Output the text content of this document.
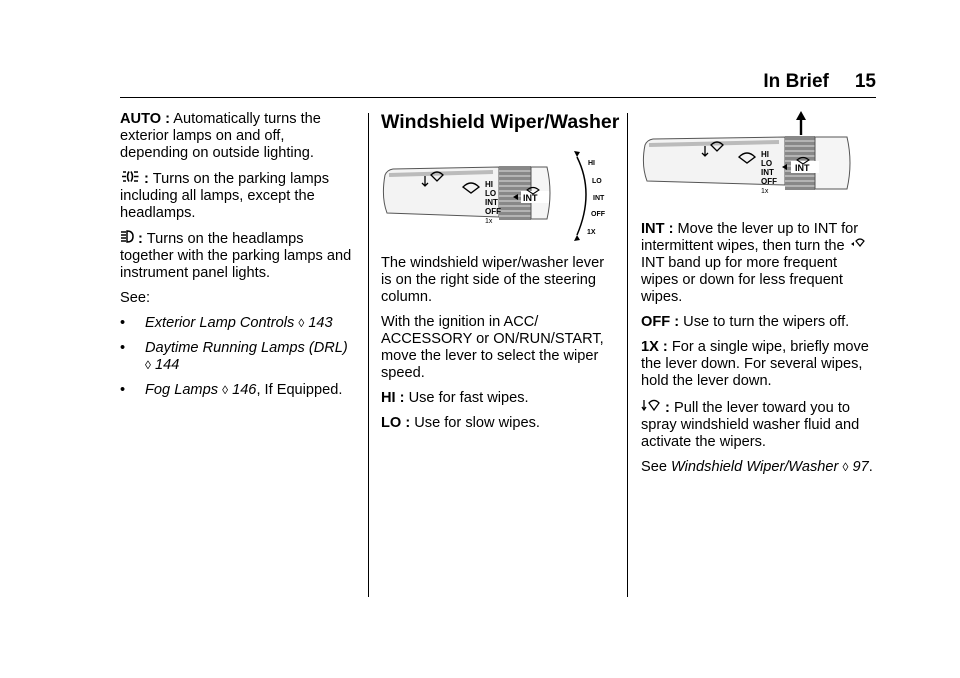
In Brief 15

AUTO : Automatically turns the exterior lamps on and off, depending on outside lighting.

: Turns on the parking lamps including all lamps, except the headlamps.

: Turns on the headlamps together with the parking lamps and instrument panel lights.

See:

• Exterior Lamp Controls ◊ 143

• Daytime Running Lamps (DRL)
◊ 144

• Fog Lamps ◊ 146, If Equipped.

Windshield Wiper/Washer
HI
LO
INT
OFF
1x
INT
HI
LO
INT
OFF
1X

The windshield wiper/washer lever is on the right side of the steering column.

With the ignition in ACC/ ACCESSORY or ON/RUN/START, move the lever to select the wiper speed.

HI : Use for fast wipes.

LO : Use for slow wipes.

HI
LO
INT
OFF
1x
INT

INT : Move the lever up to INT for intermittent wipes, then turn the  INT band up for more frequent wipes or down for less frequent wipes.

OFF : Use to turn the wipers off.

1X : For a single wipe, briefly move the lever down. For several wipes, hold the lever down.

: Pull the lever toward you to spray windshield washer fluid and activate the wipers.

See Windshield Wiper/Washer ◊ 97.
